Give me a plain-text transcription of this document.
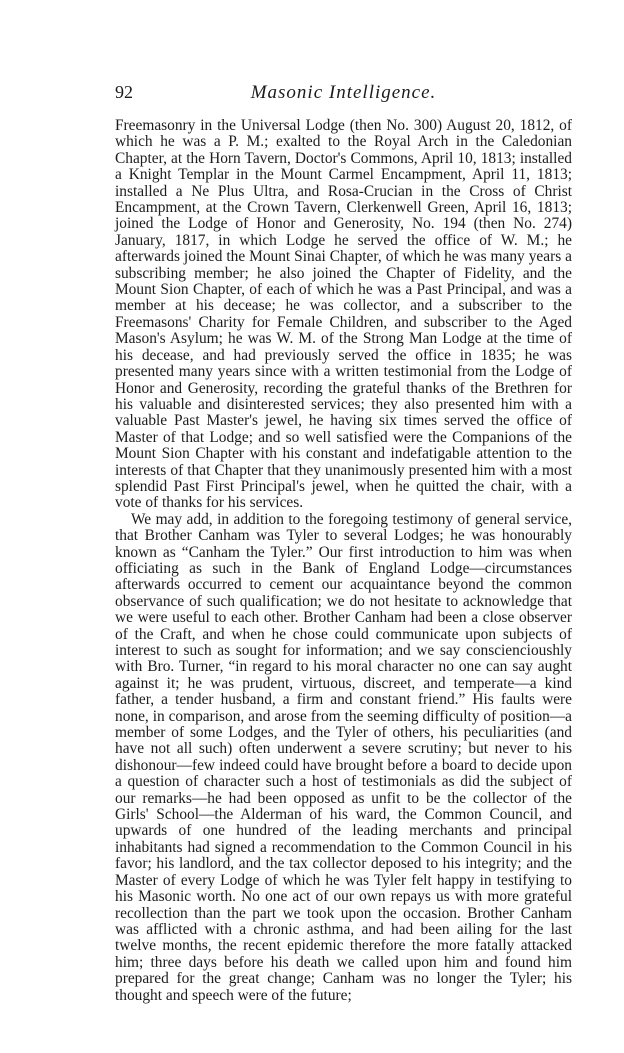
92	Masonic Intelligence.

Freemasonry in the Universal Lodge (then No. 300) August 20, 1812, of which he was a P. M.; exalted to the Royal Arch in the Caledonian Chapter, at the Horn Tavern, Doctor's Commons, April 10, 1813; installed a Knight Templar in the Mount Carmel Encampment, April 11, 1813; installed a Ne Plus Ultra, and Rosa-Crucian in the Cross of Christ Encampment, at the Crown Tavern, Clerkenwell Green, April 16, 1813; joined the Lodge of Honor and Generosity, No. 194 (then No. 274) January, 1817, in which Lodge he served the office of W. M.; he afterwards joined the Mount Sinai Chapter, of which he was many years a subscribing member; he also joined the Chapter of Fidelity, and the Mount Sion Chapter, of each of which he was a Past Principal, and was a member at his decease; he was collector, and a subscriber to the Freemasons' Charity for Female Children, and subscriber to the Aged Mason's Asylum; he was W. M. of the Strong Man Lodge at the time of his decease, and had previously served the office in 1835; he was presented many years since with a written testimonial from the Lodge of Honor and Generosity, recording the grateful thanks of the Brethren for his valuable and disinterested services; they also presented him with a valuable Past Master's jewel, he having six times served the office of Master of that Lodge; and so well satisfied were the Companions of the Mount Sion Chapter with his constant and indefatigable attention to the interests of that Chapter that they unanimously presented him with a most splendid Past First Principal's jewel, when he quitted the chair, with a vote of thanks for his services.

We may add, in addition to the foregoing testimony of general service, that Brother Canham was Tyler to several Lodges; he was honourably known as “Canham the Tyler.” Our first introduction to him was when officiating as such in the Bank of England Lodge—circumstances afterwards occurred to cement our acquaintance beyond the common observance of such qualification; we do not hesitate to acknowledge that we were useful to each other. Brother Canham had been a close observer of the Craft, and when he chose could communicate upon subjects of interest to such as sought for information; and we say consciencioushly with Bro. Turner, “in regard to his moral character no one can say aught against it; he was prudent, virtuous, discreet, and temperate—a kind father, a tender husband, a firm and constant friend.” His faults were none, in comparison, and arose from the seeming difficulty of position—a member of some Lodges, and the Tyler of others, his peculiarities (and have not all such) often underwent a severe scrutiny; but never to his dishonour—few indeed could have brought before a board to decide upon a question of character such a host of testimonials as did the subject of our remarks—he had been opposed as unfit to be the collector of the Girls' School—the Alderman of his ward, the Common Council, and upwards of one hundred of the leading merchants and principal inhabitants had signed a recommendation to the Common Council in his favor; his landlord, and the tax collector deposed to his integrity; and the Master of every Lodge of which he was Tyler felt happy in testifying to his Masonic worth. No one act of our own repays us with more grateful recollection than the part we took upon the occasion. Brother Canham was afflicted with a chronic asthma, and had been ailing for the last twelve months, the recent epidemic therefore the more fatally attacked him; three days before his death we called upon him and found him prepared for the great change; Canham was no longer the Tyler; his thought and speech were of the future;
